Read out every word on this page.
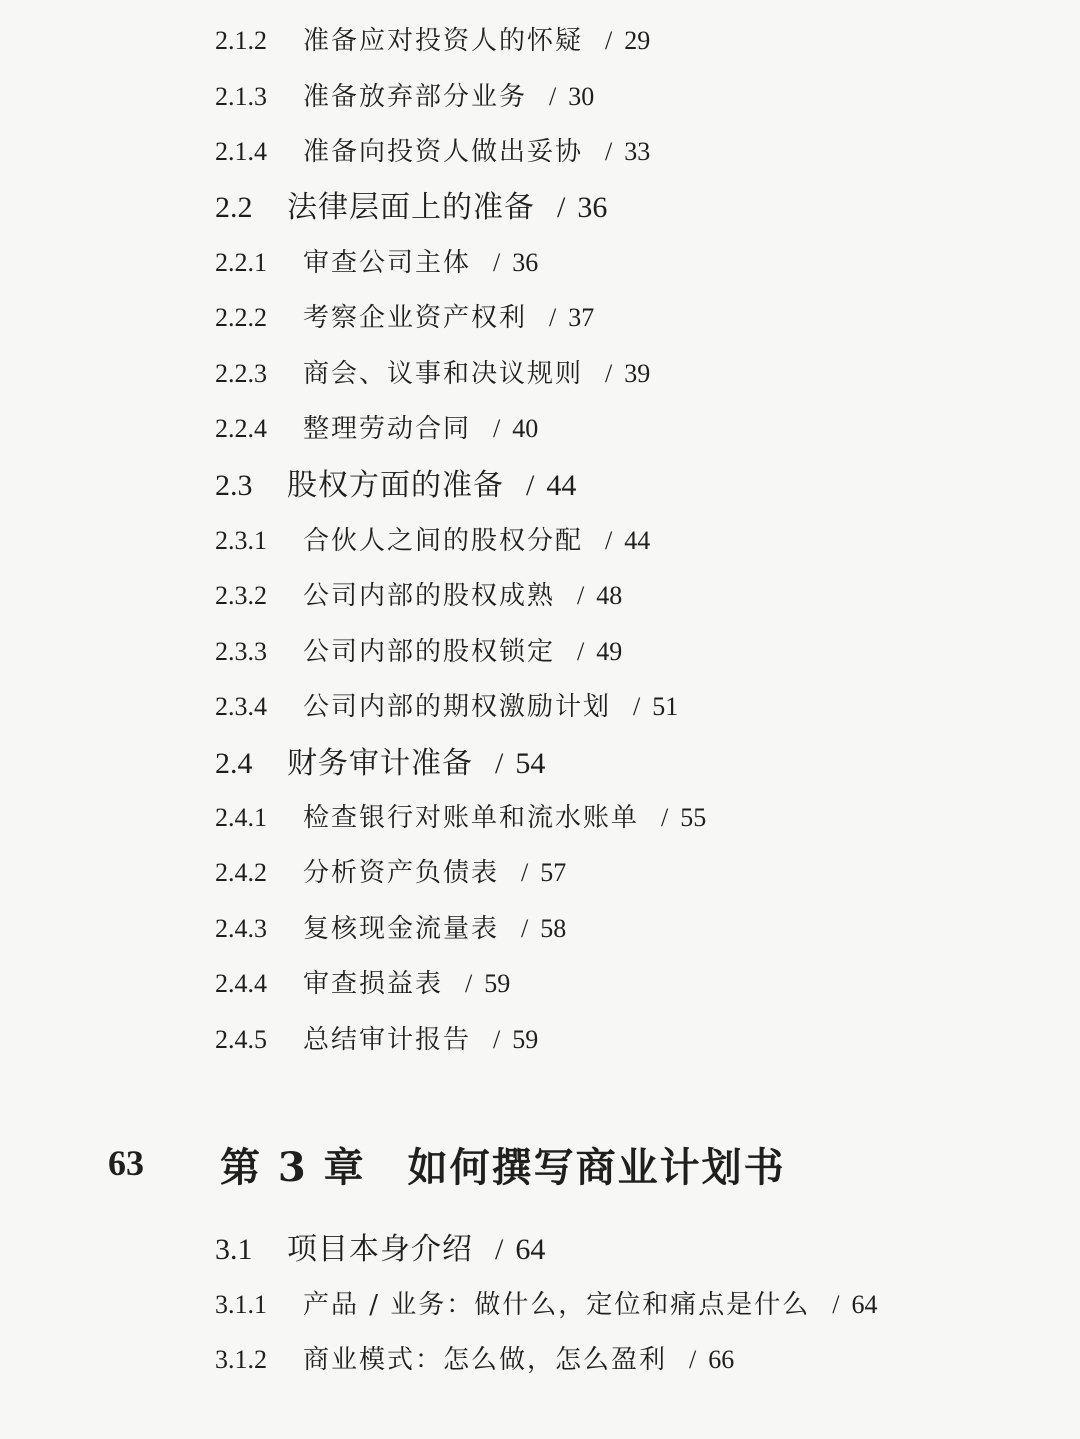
2.1.2 准备应对投资人的怀疑 / 29
2.1.3 准备放弃部分业务 / 30
2.1.4 准备向投资人做出妥协 / 33
2.2 法律层面上的准备 / 36
2.2.1 审查公司主体 / 36
2.2.2 考察企业资产权利 / 37
2.2.3 商会、议事和决议规则 / 39
2.2.4 整理劳动合同 / 40
2.3 股权方面的准备 / 44
2.3.1 合伙人之间的股权分配 / 44
2.3.2 公司内部的股权成熟 / 48
2.3.3 公司内部的股权锁定 / 49
2.3.4 公司内部的期权激励计划 / 51
2.4 财务审计准备 / 54
2.4.1 检查银行对账单和流水账单 / 55
2.4.2 分析资产负债表 / 57
2.4.3 复核现金流量表 / 58
2.4.4 审查损益表 / 59
2.4.5 总结审计报告 / 59
63 第 3 章　如何撰写商业计划书
3.1 项目本身介绍 / 64
3.1.1 产品 / 业务：做什么，定位和痛点是什么 / 64
3.1.2 商业模式：怎么做，怎么盈利 / 66
